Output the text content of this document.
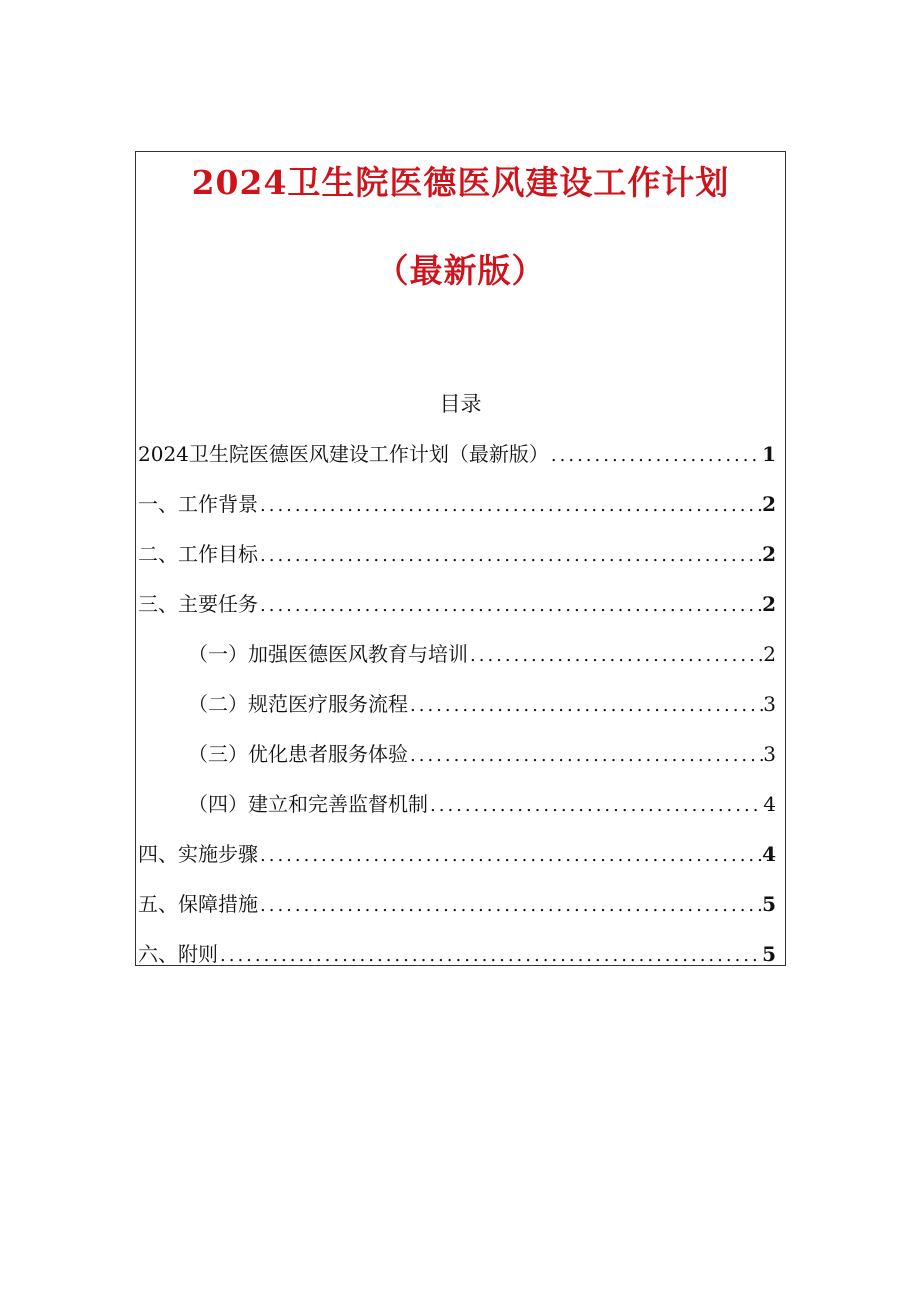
2024卫生院医德医风建设工作计划
（最新版）
目录
2024卫生院医德医风建设工作计划（最新版） .....	1
一、工作背景 .....	2
二、工作目标 .....	2
三、主要任务 .....	2
（一）加强医德医风教育与培训 .....	2
（二）规范医疗服务流程 .....	3
（三）优化患者服务体验 .....	3
（四）建立和完善监督机制 .....	4
四、实施步骤 .....	4
五、保障措施 .....	5
六、附则 .....	5
